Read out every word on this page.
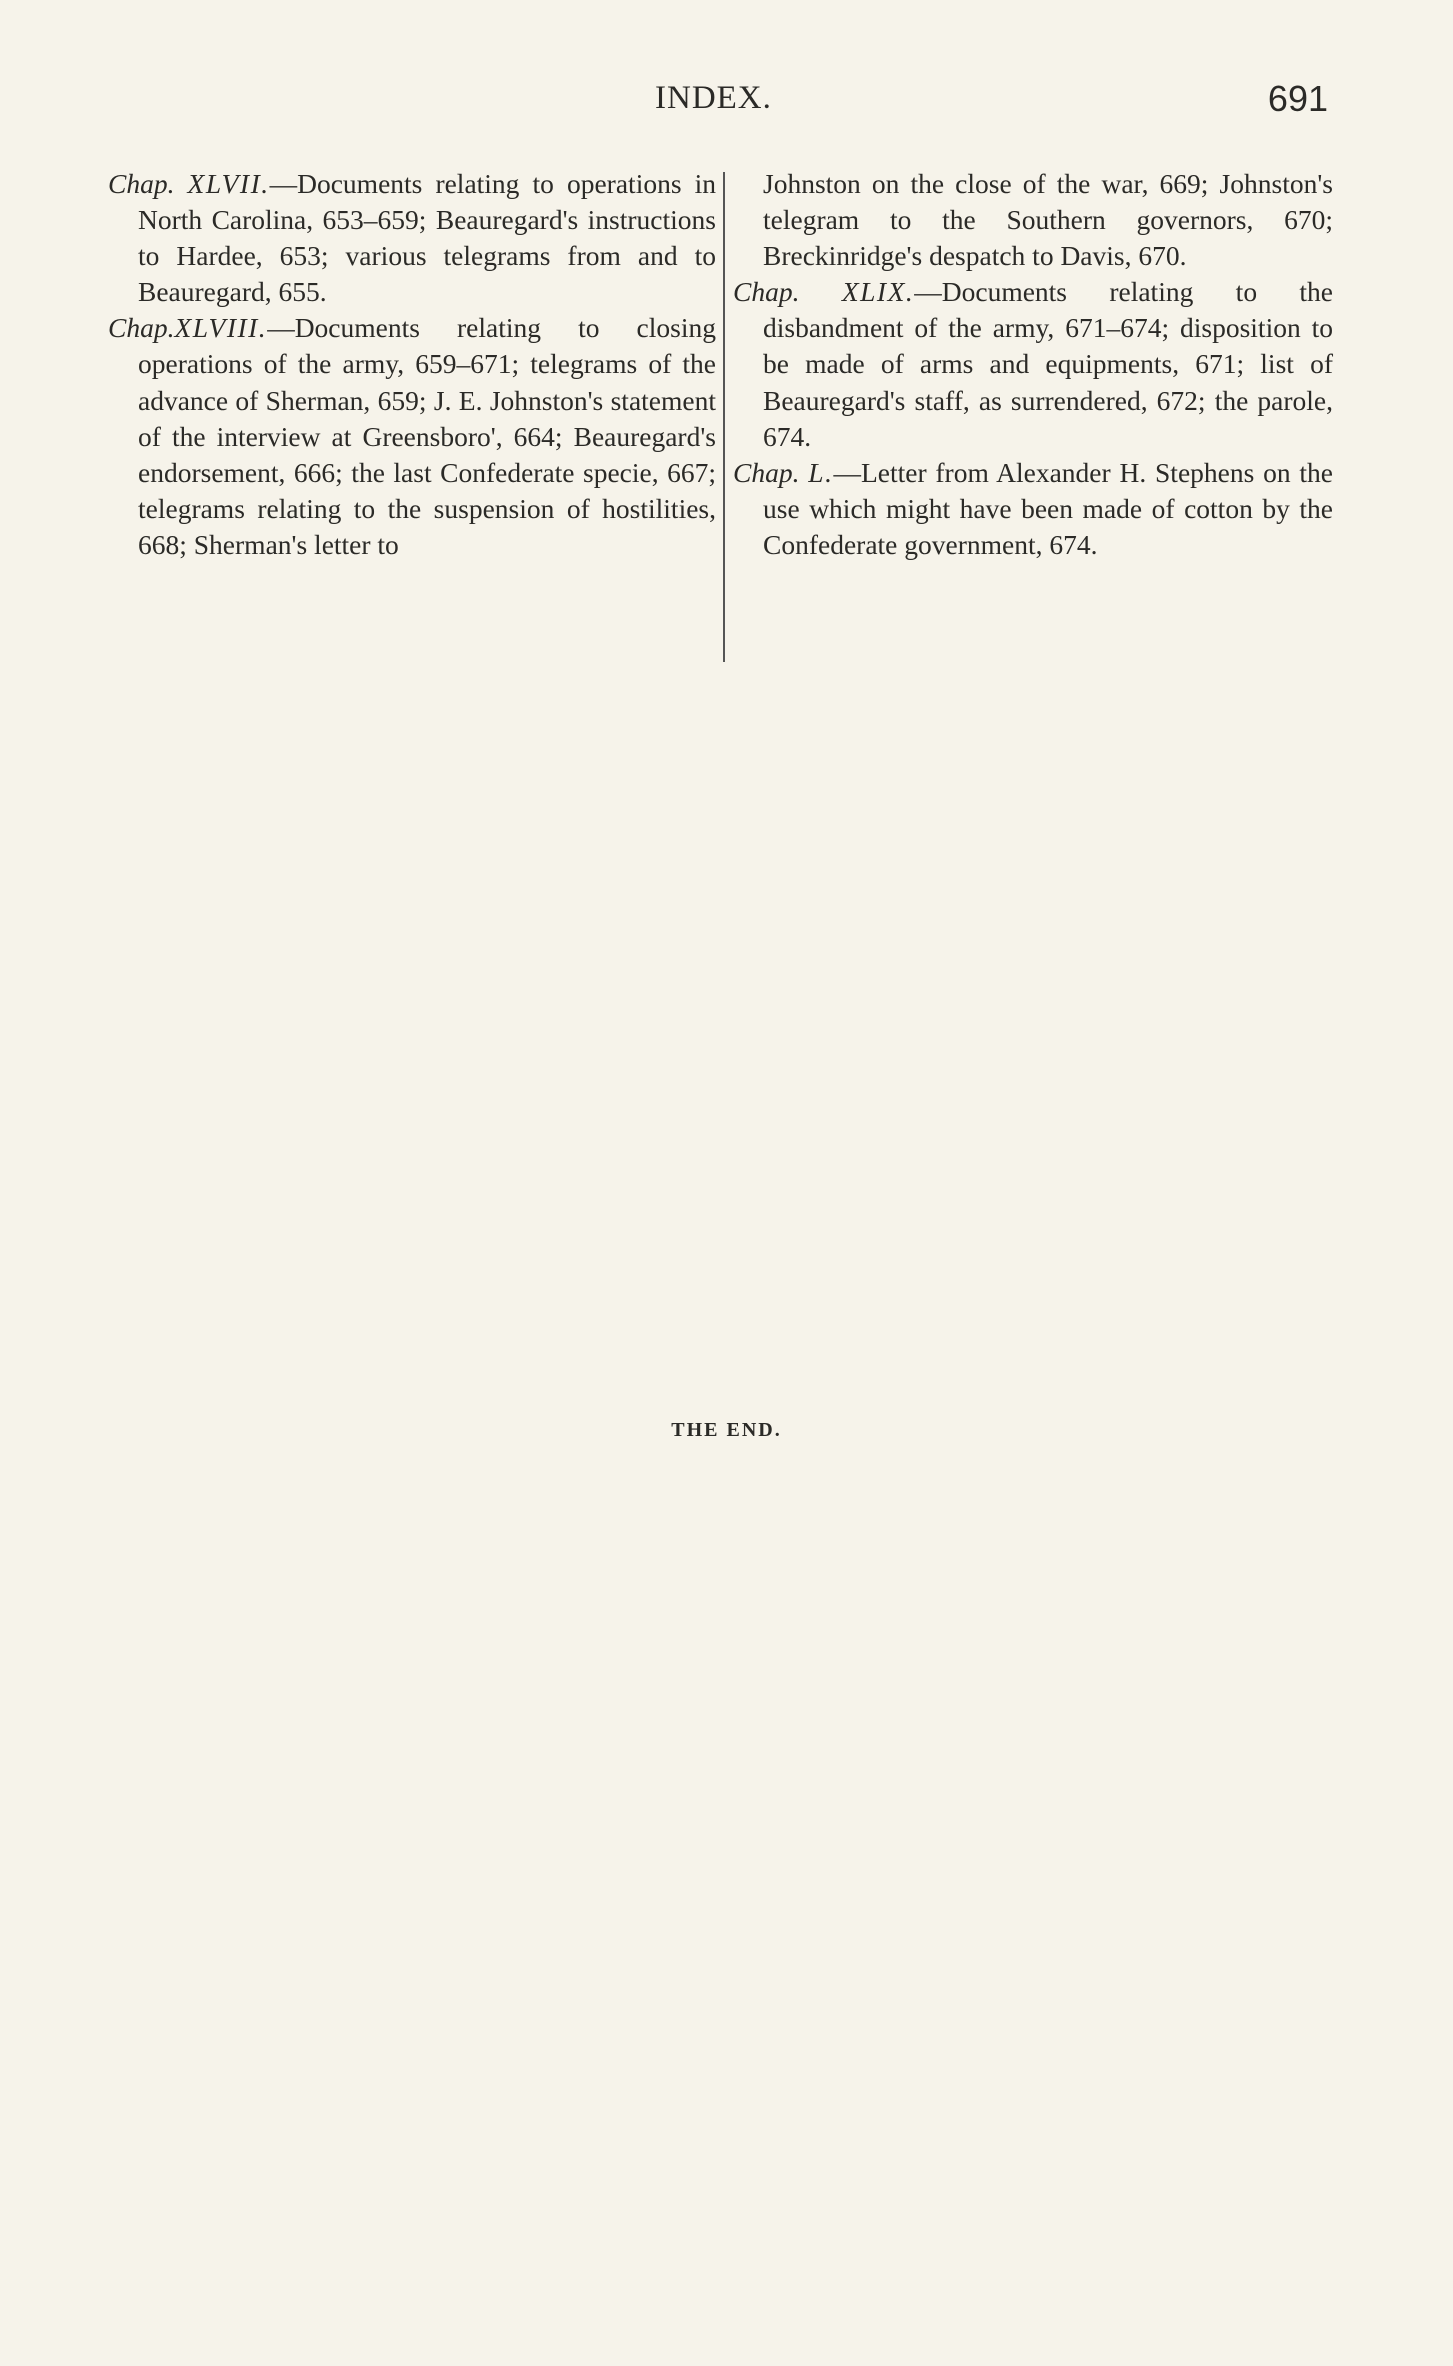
INDEX.	691
Chap. XLVII.—Documents relating to operations in North Carolina, 653–659; Beauregard's instructions to Hardee, 653; various telegrams from and to Beauregard, 655.
Chap.XLVIII.—Documents relating to closing operations of the army, 659–671; telegrams of the advance of Sherman, 659; J. E. Johnston's statement of the interview at Greensboro', 664; Beauregard's endorsement, 666; the last Confederate specie, 667; telegrams relating to the suspension of hostilities, 668; Sherman's letter to
Johnston on the close of the war, 669; Johnston's telegram to the Southern governors, 670; Breckinridge's despatch to Davis, 670.
Chap. XLIX.—Documents relating to the disbandment of the army, 671–674; disposition to be made of arms and equipments, 671; list of Beauregard's staff, as surrendered, 672; the parole, 674.
Chap. L.—Letter from Alexander H. Stephens on the use which might have been made of cotton by the Confederate government, 674.
THE END.
